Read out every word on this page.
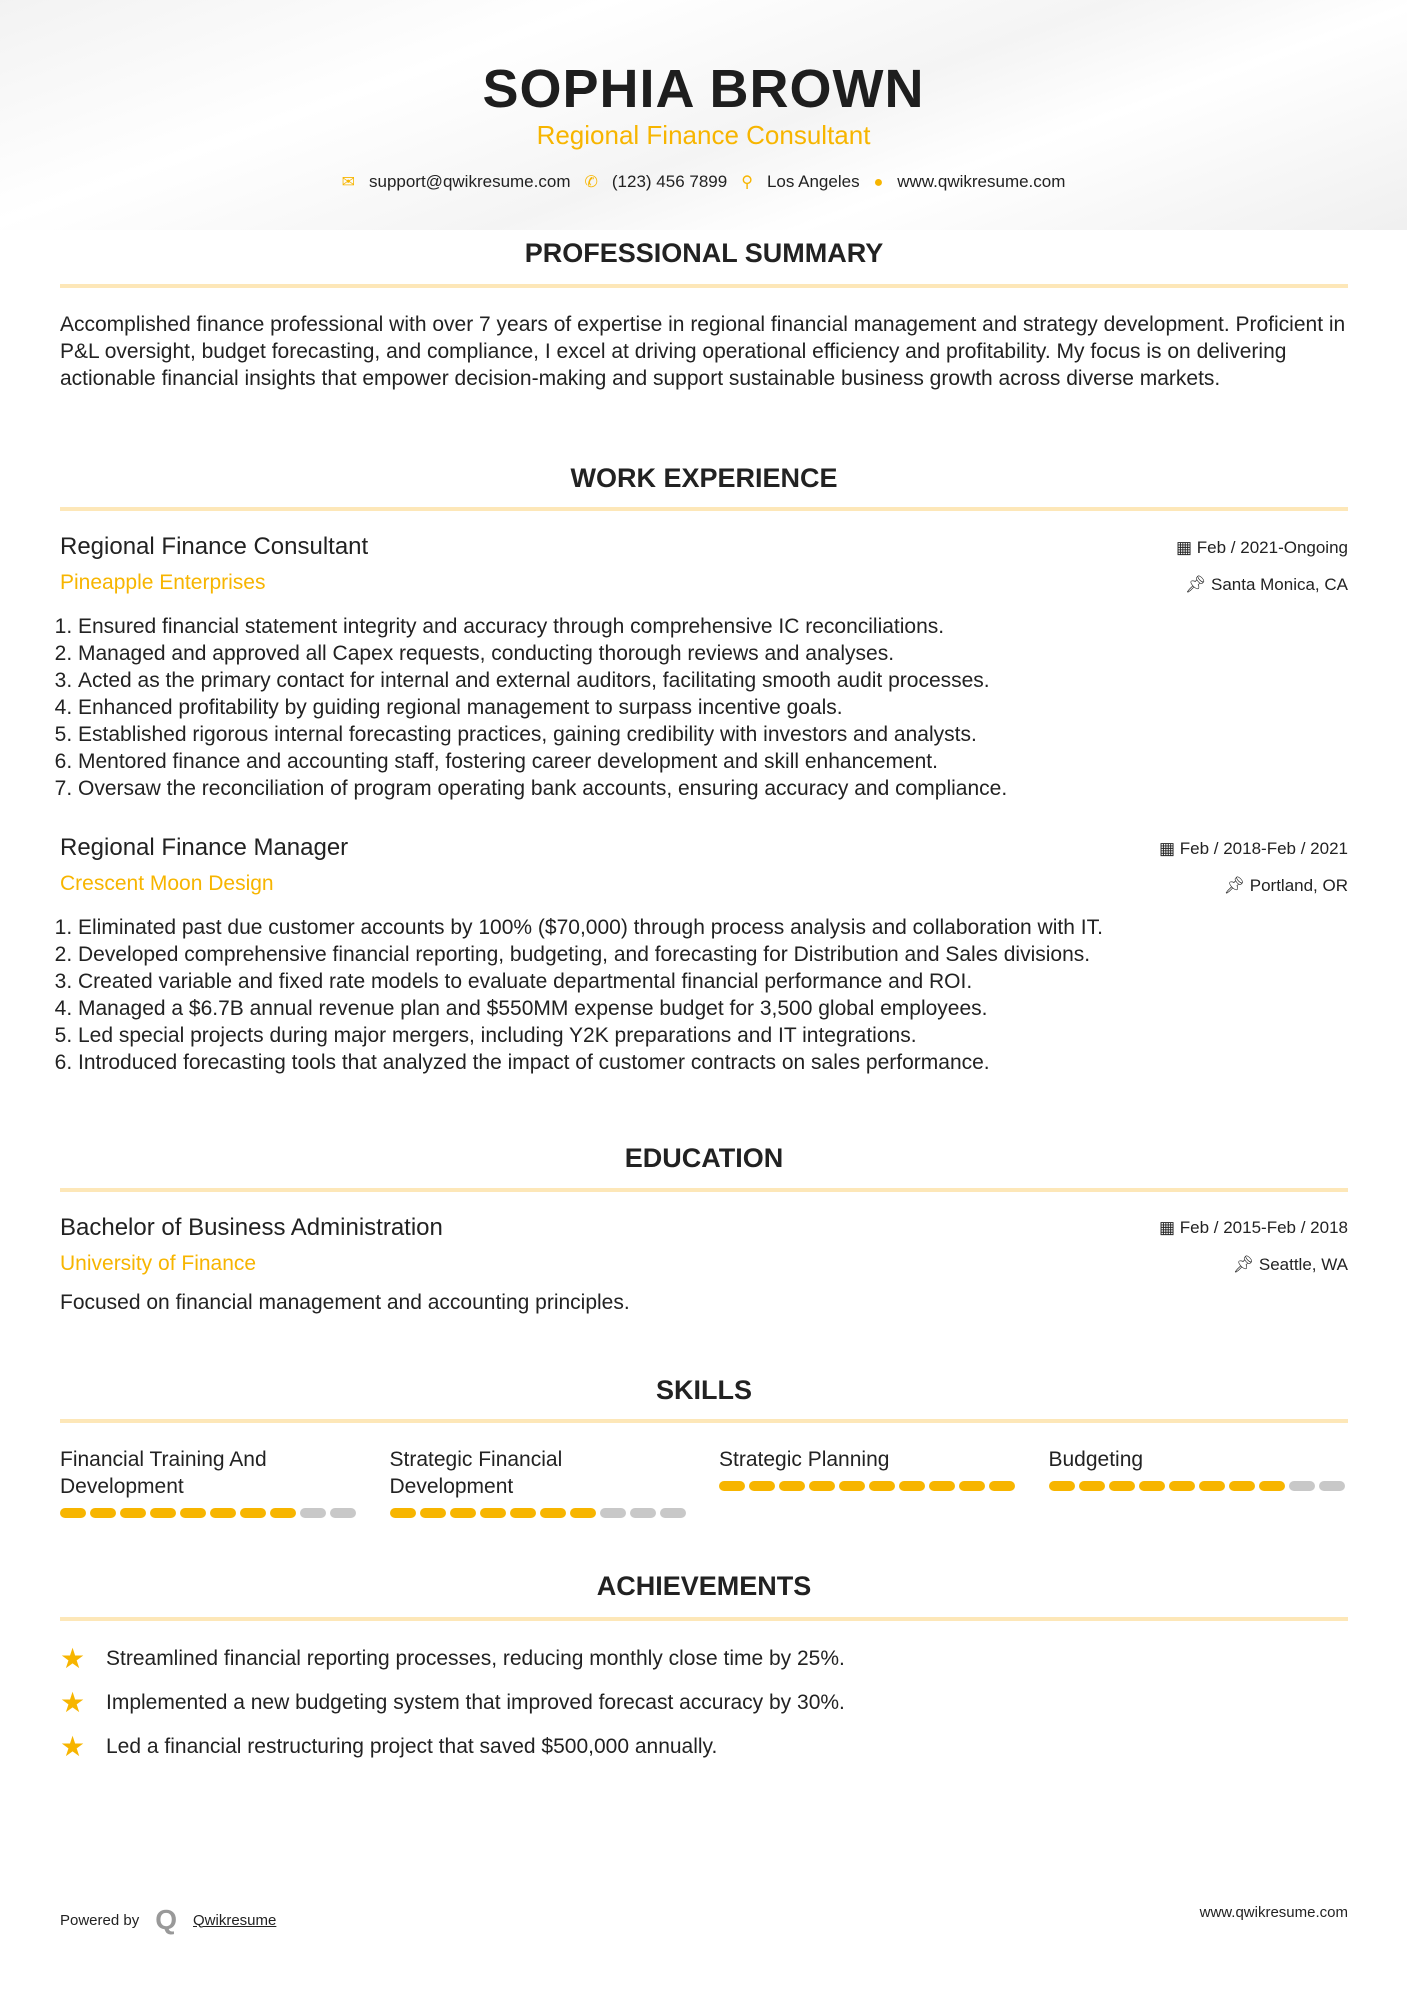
SOPHIA BROWN
Regional Finance Consultant
✉ support@qwikresume.com ✆ (123) 456 7899 ⚲ Los Angeles ● www.qwikresume.com
PROFESSIONAL SUMMARY
Accomplished finance professional with over 7 years of expertise in regional financial management and strategy development. Proficient in P&L oversight, budget forecasting, and compliance, I excel at driving operational efficiency and profitability. My focus is on delivering actionable financial insights that empower decision-making and support sustainable business growth across diverse markets.
WORK EXPERIENCE
Regional Finance Consultant
Pineapple Enterprises
▦ Feb / 2021-Ongoing
📌︎ Santa Monica, CA
1. Ensured financial statement integrity and accuracy through comprehensive IC reconciliations.
2. Managed and approved all Capex requests, conducting thorough reviews and analyses.
3. Acted as the primary contact for internal and external auditors, facilitating smooth audit processes.
4. Enhanced profitability by guiding regional management to surpass incentive goals.
5. Established rigorous internal forecasting practices, gaining credibility with investors and analysts.
6. Mentored finance and accounting staff, fostering career development and skill enhancement.
7. Oversaw the reconciliation of program operating bank accounts, ensuring accuracy and compliance.
Regional Finance Manager
Crescent Moon Design
▦ Feb / 2018-Feb / 2021
📌︎ Portland, OR
1. Eliminated past due customer accounts by 100% ($70,000) through process analysis and collaboration with IT.
2. Developed comprehensive financial reporting, budgeting, and forecasting for Distribution and Sales divisions.
3. Created variable and fixed rate models to evaluate departmental financial performance and ROI.
4. Managed a $6.7B annual revenue plan and $550MM expense budget for 3,500 global employees.
5. Led special projects during major mergers, including Y2K preparations and IT integrations.
6. Introduced forecasting tools that analyzed the impact of customer contracts on sales performance.
EDUCATION
Bachelor of Business Administration
University of Finance
▦ Feb / 2015-Feb / 2018
📌︎ Seattle, WA
Focused on financial management and accounting principles.
SKILLS
Financial Training And Development
Strategic Financial Development
Strategic Planning	Budgeting
ACHIEVEMENTS
★ Streamlined financial reporting processes, reducing monthly close time by 25%.
★ Implemented a new budgeting system that improved forecast accuracy by 30%.
★ Led a financial restructuring project that saved $500,000 annually.
Powered by Q Qwikresume	www.qwikresume.com
